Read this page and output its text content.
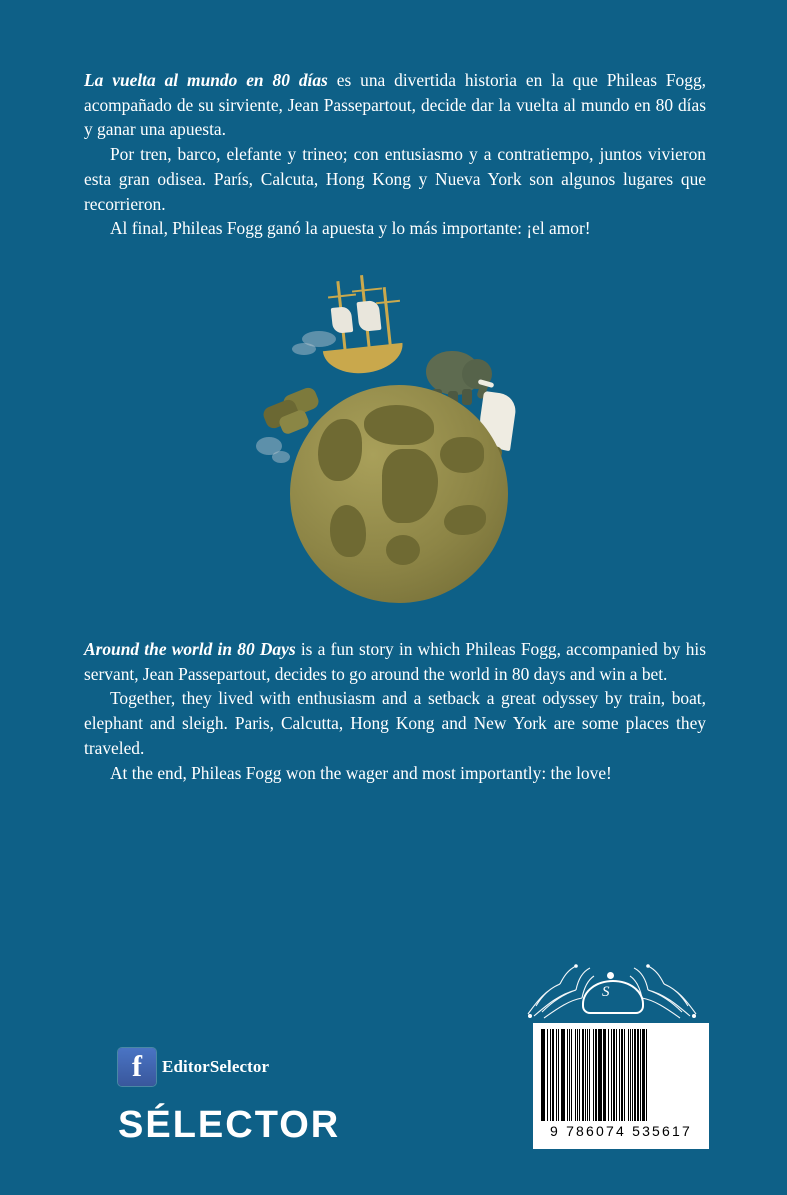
La vuelta al mundo en 80 días es una divertida historia en la que Phileas Fogg, acompañado de su sirviente, Jean Passepartout, decide dar la vuelta al mundo en 80 días y ganar una apuesta.

Por tren, barco, elefante y trineo; con entusiasmo y a contratiempo, juntos vivieron esta gran odisea. París, Calcuta, Hong Kong y Nueva York son algunos lugares que recorrieron.

Al final, Phileas Fogg ganó la apuesta y lo más importante: ¡el amor!

Around the world in 80 Days is a fun story in which Phileas Fogg, accompanied by his servant, Jean Passepartout, decides to go around the world in 80 days and win a bet.

Together, they lived with enthusiasm and a setback a great odyssey by train, boat, elephant and sleigh. Paris, Calcutta, Hong Kong and New York are some places they traveled.

At the end, Phileas Fogg won the wager and most importantly: the love!

f EditorSelector
SÉLECTOR
S
9 786074 535617
